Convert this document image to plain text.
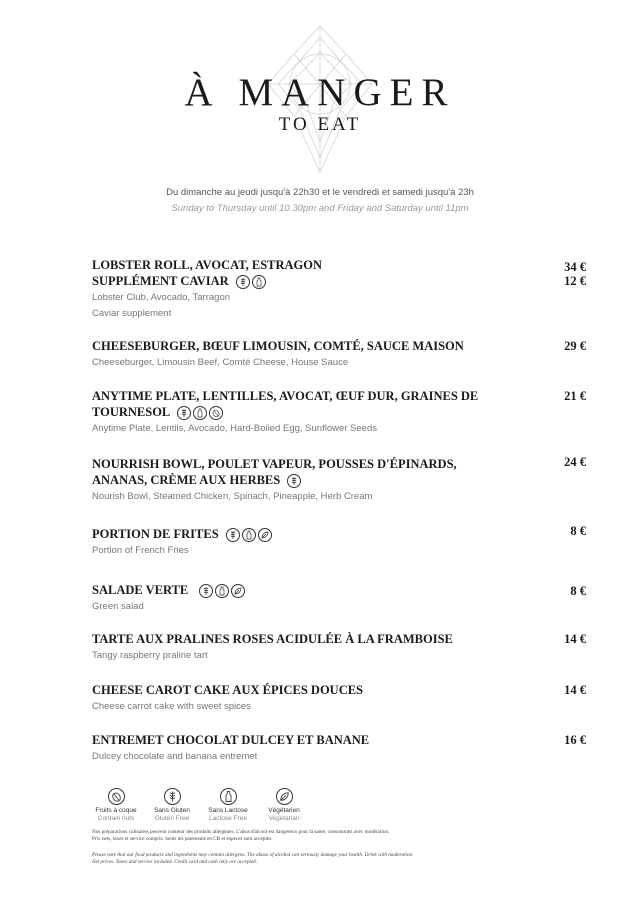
À MANGER
TO EAT
Du dimanche au jeudi jusqu'à 22h30 et le vendredi et samedi jusqu'à 23h
Sunday to Thursday until 10.30pm and Friday and Saturday until 11pm
LOBSTER ROLL, AVOCAT, ESTRAGON
SUPPLÉMENT CAVIAR
Lobster Club, Avocado, Tarragon
Caviar supplement
34 €
12 €
CHEESEBURGER, BŒUF LIMOUSIN, COMTÉ, SAUCE MAISON
Cheeseburger, Limousin Beef, Comté Cheese, House Sauce
29 €
ANYTIME PLATE, LENTILLES, AVOCAT, ŒUF DUR, GRAINES DE
TOURNESOL
Anytime Plate, Lentils, Avocado, Hard-Boiled Egg, Sunflower Seeds
21 €
NOURRISH BOWL, POULET VAPEUR, POUSSES D'ÉPINARDS,
ANANAS, CRÈME AUX HERBES
Nourish Bowl, Steamed Chicken, Spinach, Pineapple, Herb Cream
24 €
PORTION DE FRITES
Portion of French Fries
8 €
SALADE VERTE
Green salad
8 €
TARTE AUX PRALINES ROSES ACIDULÉE À LA FRAMBOISE
Tangy raspberry praline tart
14 €
CHEESE CAROT CAKE AUX ÉPICES DOUCES
Cheese carrot cake with sweet spices
14 €
ENTREMET CHOCOLAT DULCEY ET BANANE
Dulcey chocolate and banana entremet
16 €
Fruits à coque
Contain nuts
Sans Gluten
Gluten Free
Sans Lactose
Lactose Free
Végétarien
Vegetarian
Nos préparations culinaires peuvent contenir des produits allergènes. L'abus d'alcool est dangereux pour la santé, consommez avec modération.
Prix nets, taxes et service compris. Seuls les paiements en CB et espèces sont acceptés.
Please note that our food products and ingredients may contain allergens. The abuse of alcohol can seriously damage your health. Drink with moderation.
Net prices. Taxes and service included. Credit card and cash only are accepted.
